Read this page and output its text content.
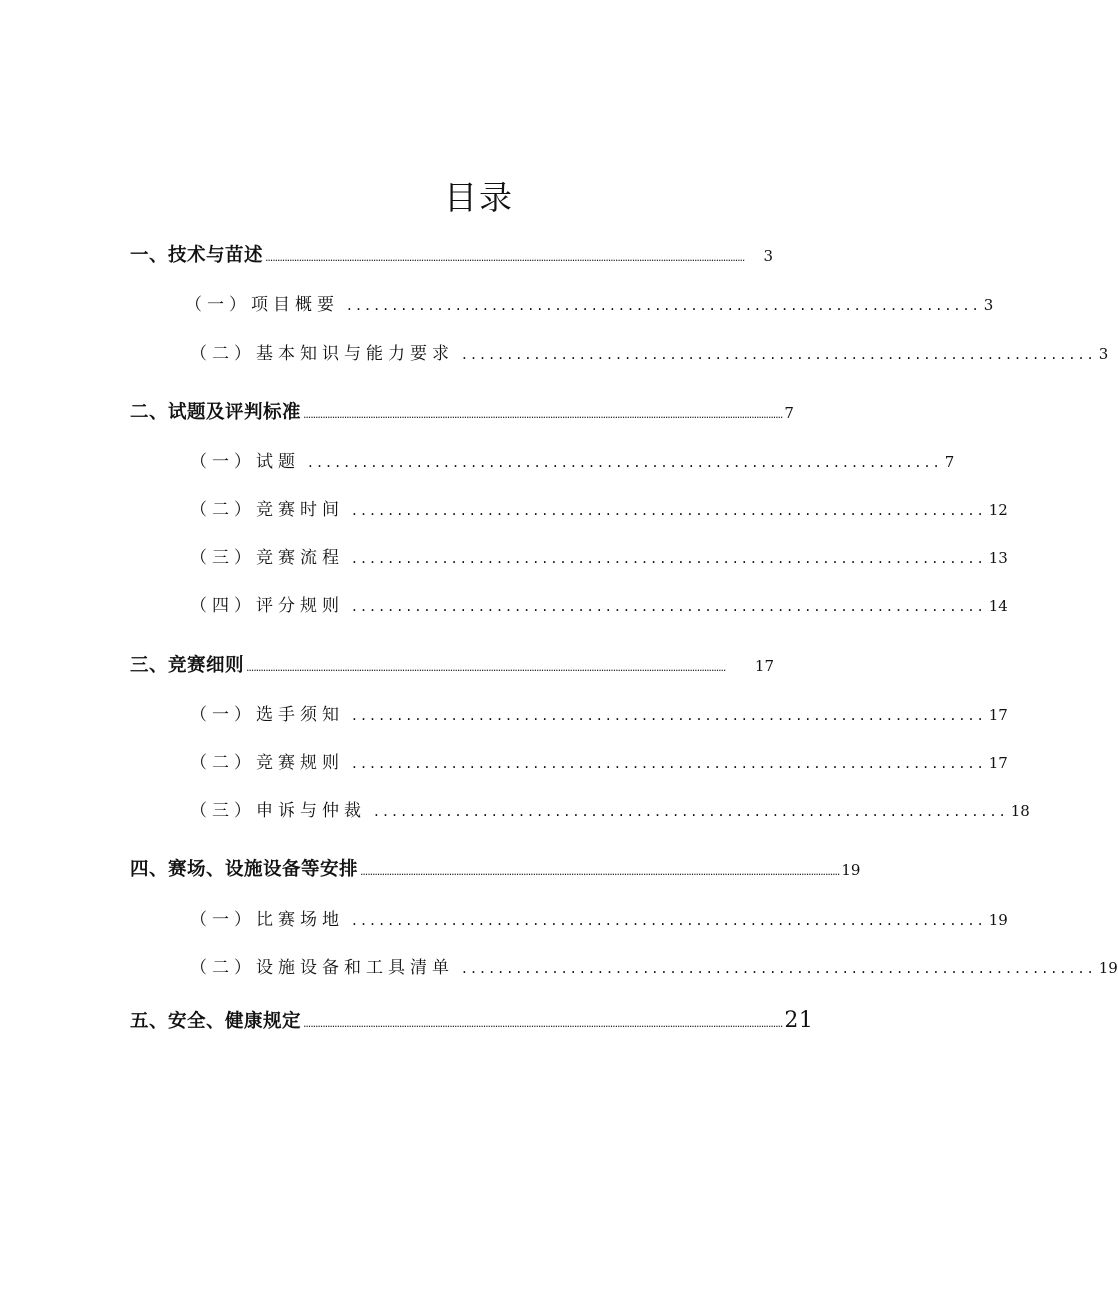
目录
一、技术与苗述 ........................................................................................................................................................................................................	3
（一）项目概要 ...................................................................... 3
（二）基本知识与能力要求 ...................................................................... 3
二、试题及评判标准 ........................................................................................................................................................................................................ 7
（一）试题 ...................................................................... 7
（二）竞赛时间 ...................................................................... 12
（三）竞赛流程 ...................................................................... 13
（四）评分规则 ...................................................................... 14
三、竞赛细则 ........................................................................................................................................................................................................	17
（一）选手须知 ...................................................................... 17
（二）竞赛规则 ...................................................................... 17
（三）申诉与仲裁 ...................................................................... 18
四、赛场、设施设备等安排 ........................................................................................................................................................................................................ 19
（一）比赛场地 ...................................................................... 19
（二）设施设备和工具清单 ...................................................................... 19
五、安全、健康规定 ........................................................................................................................................................................................................ 21
